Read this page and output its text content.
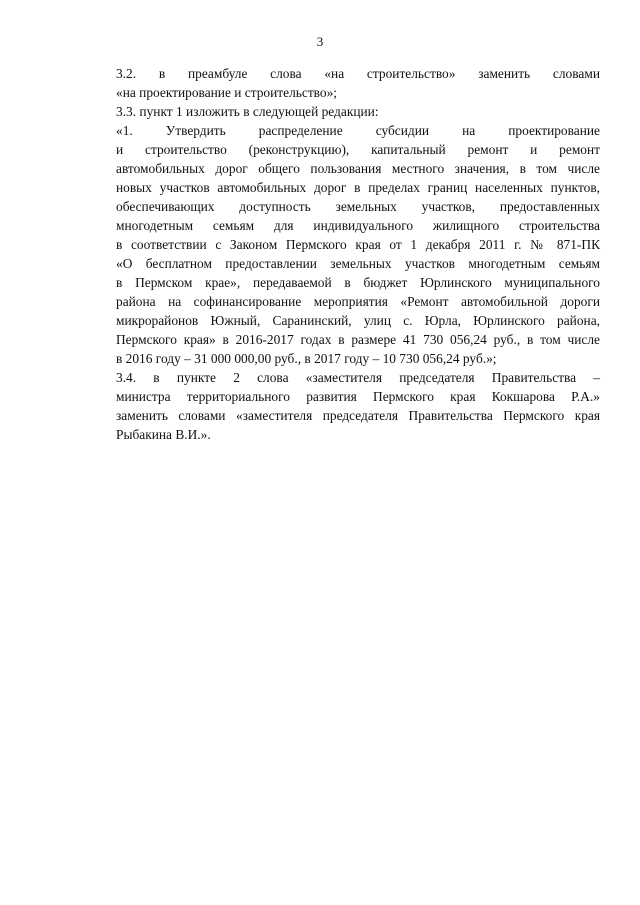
3

3.2. в преамбуле слова «на строительство» заменить словами
«на проектирование и строительство»;

3.3. пункт 1 изложить в следующей редакции:

«1. Утвердить распределение субсидии на проектирование
и строительство (реконструкцию), капитальный ремонт и ремонт
автомобильных дорог общего пользования местного значения, в том числе
новых участков автомобильных дорог в пределах границ населенных пунктов,
обеспечивающих доступность земельных участков, предоставленных
многодетным семьям для индивидуального жилищного строительства
в соответствии с Законом Пермского края от 1 декабря 2011 г. № 871-ПК
«О бесплатном предоставлении земельных участков многодетным семьям
в Пермском крае», передаваемой в бюджет Юрлинского муниципального
района на софинансирование мероприятия «Ремонт автомобильной дороги
микрорайонов Южный, Саранинский, улиц с. Юрла, Юрлинского района,
Пермского края» в 2016-2017 годах в размере 41 730 056,24 руб., в том числе
в 2016 году – 31 000 000,00 руб., в 2017 году – 10 730 056,24 руб.»;

3.4. в пункте 2 слова «заместителя председателя Правительства –
министра территориального развития Пермского края Кокшарова Р.А.»
заменить словами «заместителя председателя Правительства Пермского края
Рыбакина В.И.».
